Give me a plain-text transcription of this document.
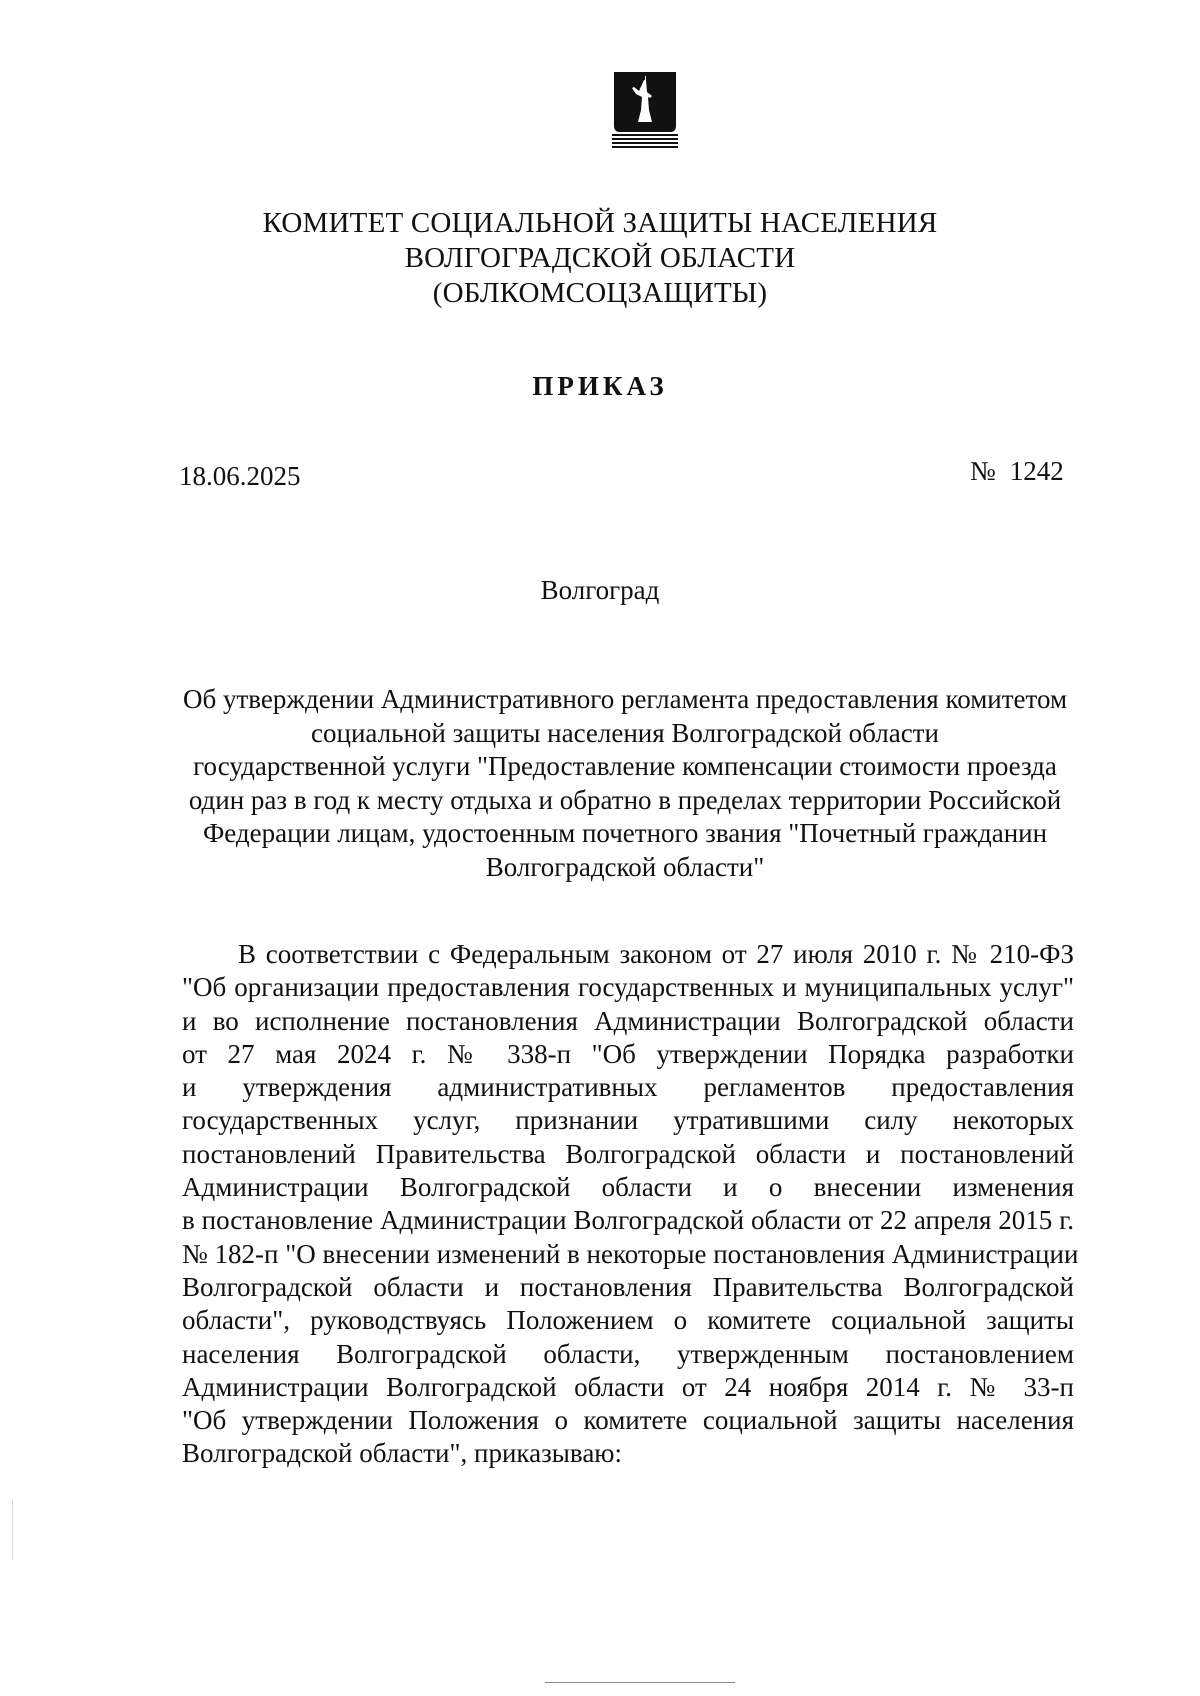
КОМИТЕТ СОЦИАЛЬНОЙ ЗАЩИТЫ НАСЕЛЕНИЯ
ВОЛГОГРАДСКОЙ ОБЛАСТИ
(ОБЛКОМСОЦЗАЩИТЫ)
ПРИКАЗ
18.06.2025	№ 1242
Волгоград
Об утверждении Административного регламента предоставления комитетом
социальной защиты населения Волгоградской области
государственной услуги "Предоставление компенсации стоимости проезда
один раз в год к месту отдыха и обратно в пределах территории Российской
Федерации лицам, удостоенным почетного звания "Почетный гражданин
Волгоградской области"
В соответствии с Федеральным законом от 27 июля 2010 г. № 210-ФЗ
"Об организации предоставления государственных и муниципальных услуг"
и во исполнение постановления Администрации Волгоградской области
от 27 мая 2024 г. № 338-п "Об утверждении Порядка разработки
и утверждения административных регламентов предоставления
государственных услуг, признании утратившими силу некоторых
постановлений Правительства Волгоградской области и постановлений
Администрации Волгоградской области и о внесении изменения
в постановление Администрации Волгоградской области от 22 апреля 2015 г.
№ 182-п "О внесении изменений в некоторые постановления Администрации
Волгоградской области и постановления Правительства Волгоградской
области", руководствуясь Положением о комитете социальной защиты
населения Волгоградской области, утвержденным постановлением
Администрации Волгоградской области от 24 ноября 2014 г. № 33-п
"Об утверждении Положения о комитете социальной защиты населения
Волгоградской области", приказываю:
